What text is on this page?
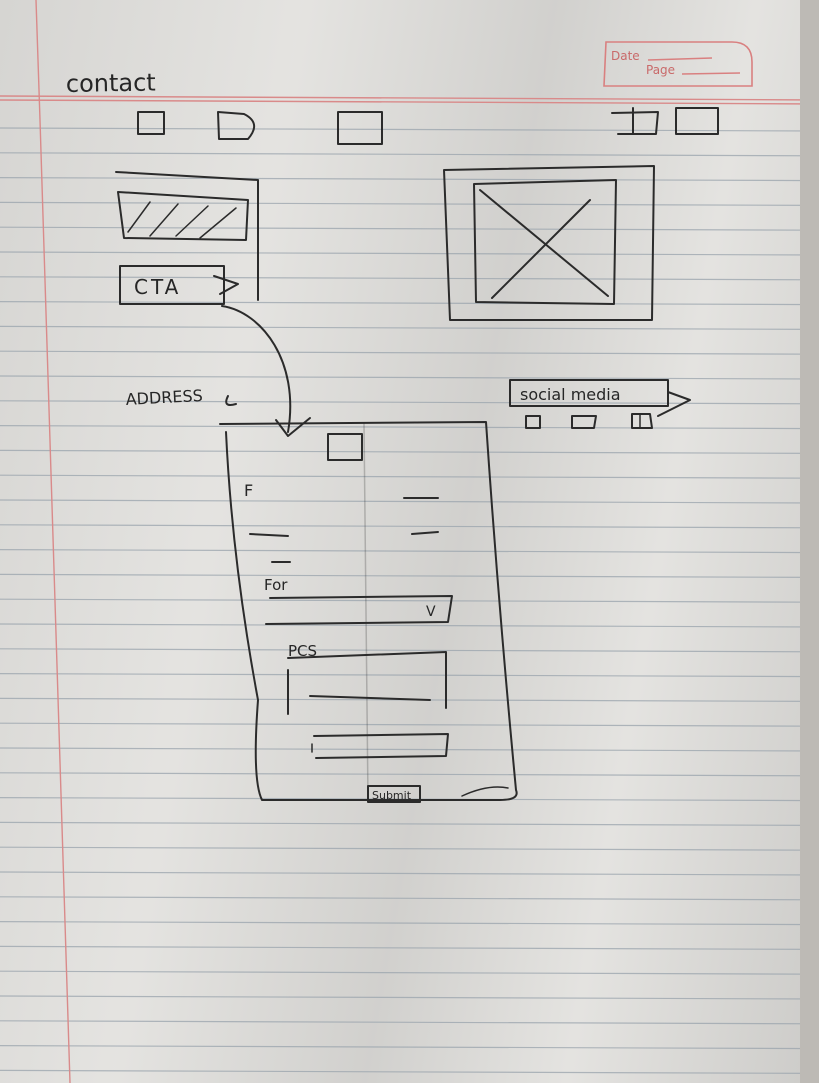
Date
Page
contact
CTA
ADDRESS	social media
F
For
V
PCS
Submit
